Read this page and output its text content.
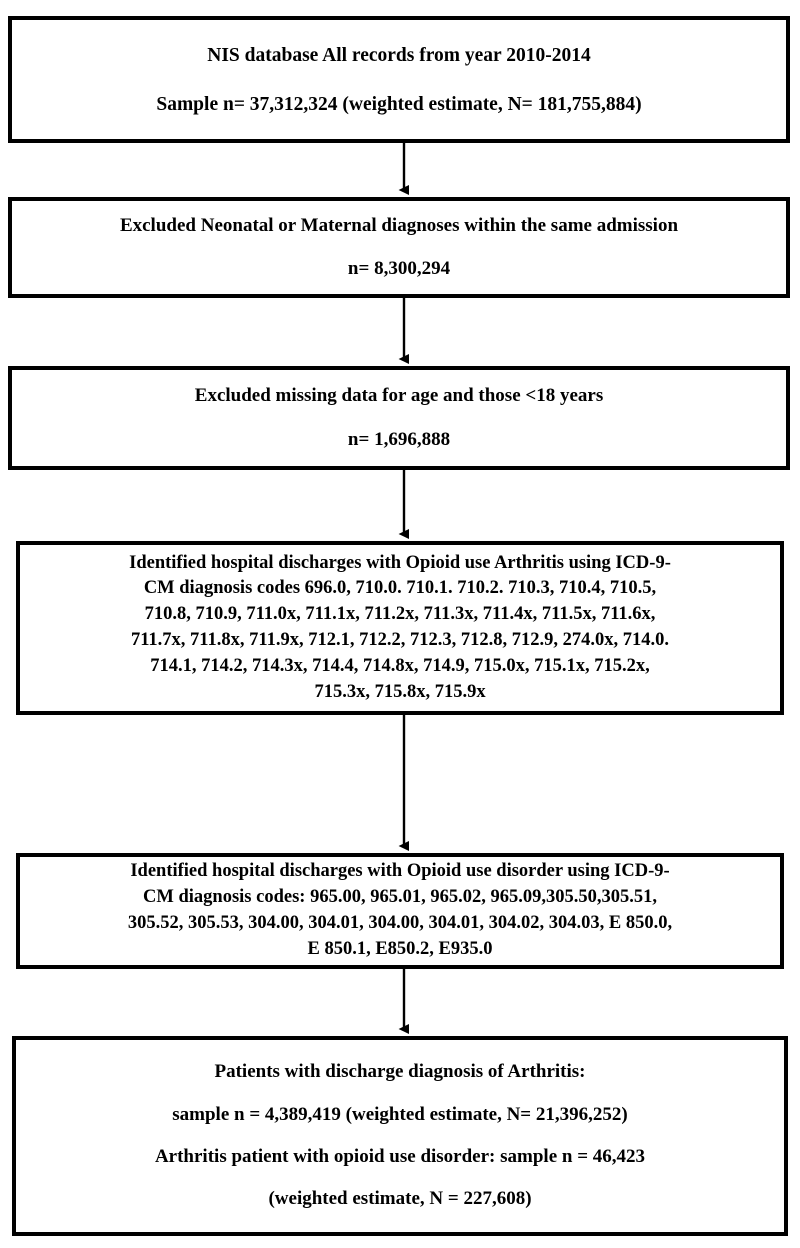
NIS database All records from year 2010-2014
Sample n= 37,312,324 (weighted estimate, N= 181,755,884)
Excluded Neonatal or Maternal diagnoses within the same admission
n= 8,300,294
Excluded missing data for age and those <18 years
n= 1,696,888
Identified hospital discharges with Opioid use Arthritis using ICD-9-
CM diagnosis codes 696.0, 710.0. 710.1. 710.2. 710.3, 710.4, 710.5,
710.8, 710.9, 711.0x, 711.1x, 711.2x, 711.3x, 711.4x, 711.5x, 711.6x,
711.7x, 711.8x, 711.9x, 712.1, 712.2, 712.3, 712.8, 712.9, 274.0x, 714.0.
714.1, 714.2, 714.3x, 714.4, 714.8x, 714.9, 715.0x, 715.1x, 715.2x,
715.3x, 715.8x, 715.9x
Identified hospital discharges with Opioid use disorder using ICD-9-
CM diagnosis codes: 965.00, 965.01, 965.02, 965.09,305.50,305.51,
305.52, 305.53, 304.00, 304.01, 304.00, 304.01, 304.02, 304.03, E 850.0,
E 850.1, E850.2, E935.0
Patients with discharge diagnosis of Arthritis:
sample n = 4,389,419 (weighted estimate, N= 21,396,252)
Arthritis patient with opioid use disorder: sample n = 46,423
(weighted estimate, N = 227,608)
